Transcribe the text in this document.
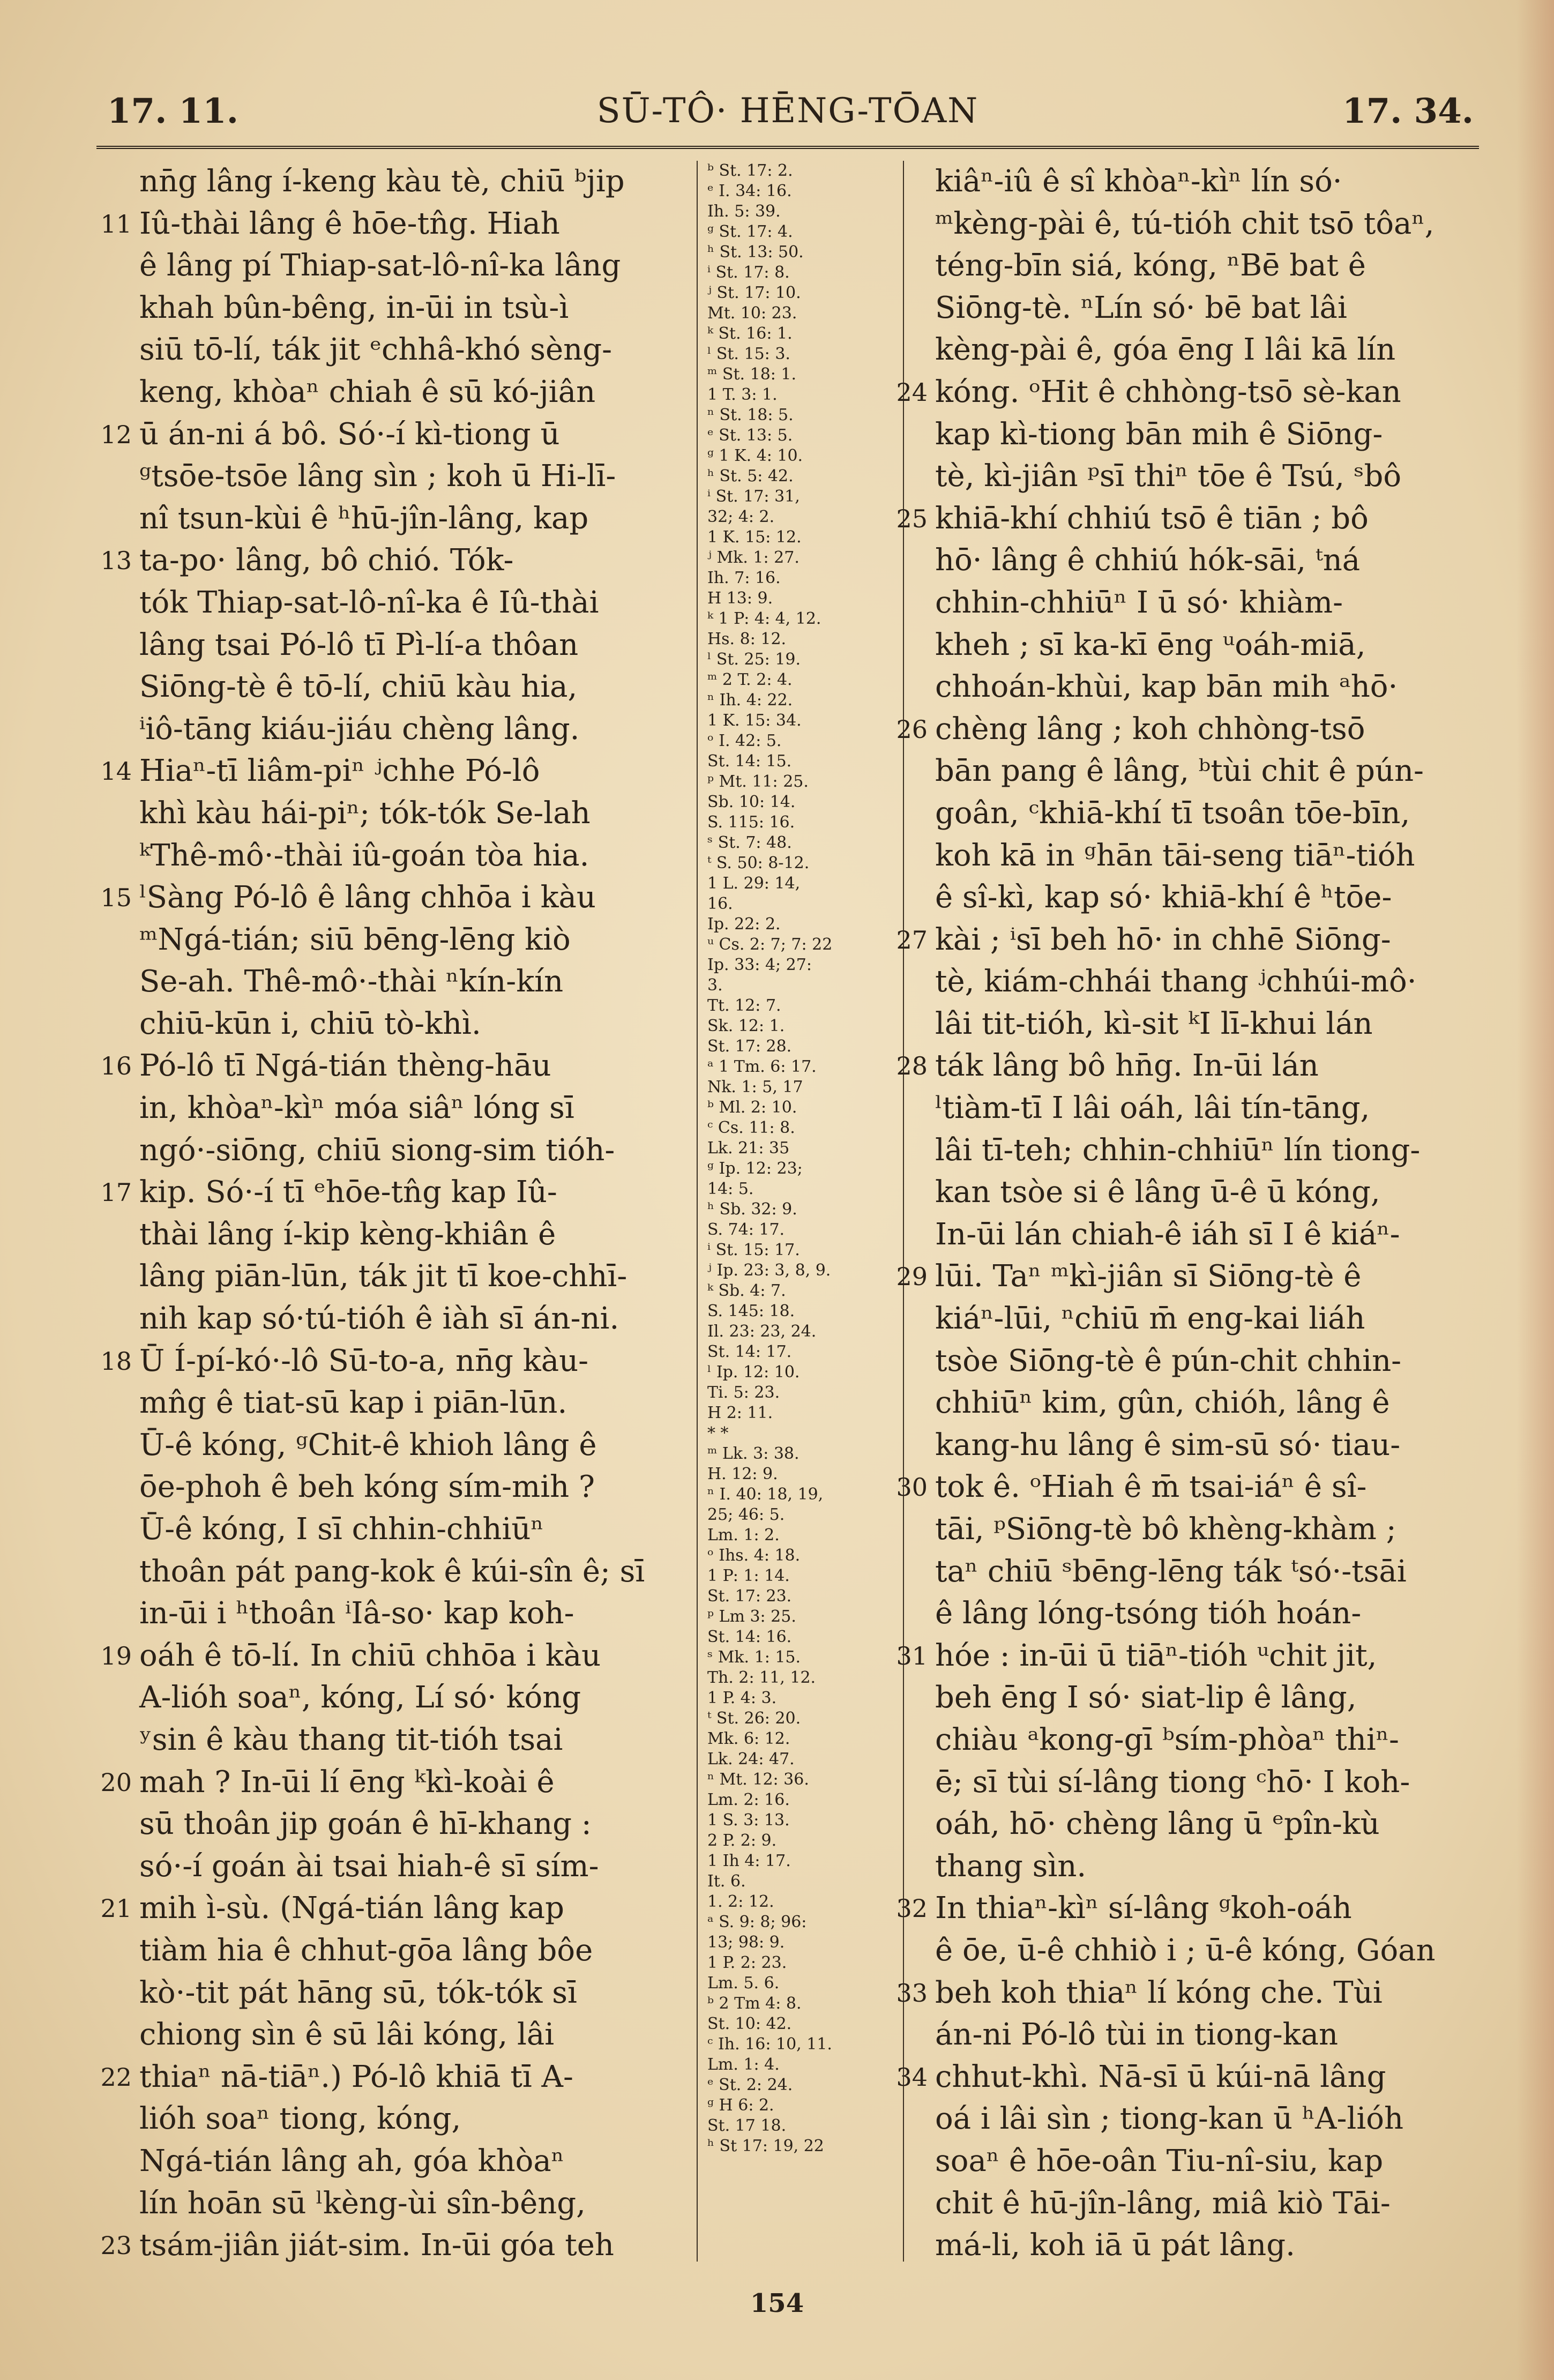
17. 11.	SŪ-TÔ· HĒNG-TŌAN	17. 34.
nn̄g lâng í-keng kàu tè, chiū ᵇjip
11 Iû-thài lâng ê hōe-tn̂g. Hiah
ê lâng pí Thiap-sat-lô-nî-ka lâng
khah bûn-bêng, in-ūi in tsù-ì
siū tō-lí, ták jit ᵉchhâ-khó sèng-
keng, khòaⁿ chiah ê sū kó-jiân
12 ū án-ni á bô. Só·-í kì-tiong ū
ᵍtsōe-tsōe lâng sìn ; koh ū Hi-lī-
nî tsun-kùi ê ʰhū-jîn-lâng, kap
13 ta-po· lâng, bô chió. Tók-
tók Thiap-sat-lô-nî-ka ê Iû-thài
lâng tsai Pó-lô tī Pì-lí-a thôan
Siōng-tè ê tō-lí, chiū kàu hia,
ⁱiô-tāng kiáu-jiáu chèng lâng.
14 Hiaⁿ-tī liâm-piⁿ ʲchhe Pó-lô
khì kàu hái-piⁿ; tók-tók Se-lah
ᵏThê-mô·-thài iû-goán tòa hia.
15 ˡSàng Pó-lô ê lâng chhōa i kàu
ᵐNgá-tián; siū bēng-lēng kiò
Se-ah. Thê-mô·-thài ⁿkín-kín
chiū-kūn i, chiū tò-khì.
16 Pó-lô tī Ngá-tián thèng-hāu
in, khòaⁿ-kìⁿ móa siâⁿ lóng sī
ngó·-siōng, chiū siong-sim tióh-
17 kip. Só·-í tī ᵉhōe-tn̂g kap Iû-
thài lâng í-kip kèng-khiân ê
lâng piān-lūn, ták jit tī koe-chhī-
nih kap só·tú-tióh ê iàh sī án-ni.
18 Ū Í-pí-kó·-lô Sū-to-a, nn̄g kàu-
mn̂g ê tiat-sū kap i piān-lūn.
Ū-ê kóng, ᵍChit-ê khioh lâng ê
ōe-phoh ê beh kóng sím-mih ?
Ū-ê kóng, I sī chhin-chhiūⁿ
thoân pát pang-kok ê kúi-sîn ê; sī
in-ūi i ʰthoân ⁱIâ-so· kap koh-
19 oáh ê tō-lí. In chiū chhōa i kàu
A-lióh soaⁿ, kóng, Lí só· kóng
ʸsin ê kàu thang tit-tióh tsai
20 mah ? In-ūi lí ēng ᵏkì-koài ê
sū thoân jip goán ê hī-khang :
só·-í goán ài tsai hiah-ê sī sím-
21 mih ì-sù. (Ngá-tián lâng kap
tiàm hia ê chhut-gōa lâng bôe
kò·-tit pát hāng sū, tók-tók sī
chiong sìn ê sū lâi kóng, lâi
22 thiaⁿ nā-tiāⁿ.) Pó-lô khiā tī A-
lióh soaⁿ tiong, kóng,
Ngá-tián lâng ah, góa khòaⁿ
lín hoān sū ˡkèng-ùi sîn-bêng,
23 tsám-jiân jiát-sim. In-ūi góa teh
ᵇ St. 17: 2.
ᵉ I. 34: 16.
Ih. 5: 39.
ᵍ St. 17: 4.
ʰ St. 13: 50.
ⁱ St. 17: 8.
ʲ St. 17: 10.
Mt. 10: 23.
ᵏ St. 16: 1.
ˡ St. 15: 3.
ᵐ St. 18: 1.
1 T. 3: 1.
ⁿ St. 18: 5.
ᵉ St. 13: 5.
ᵍ 1 K. 4: 10.
ʰ St. 5: 42.
ⁱ St. 17: 31,
32; 4: 2.
1 K. 15: 12.
ʲ Mk. 1: 27.
Ih. 7: 16.
H 13: 9.
ᵏ 1 P: 4: 4, 12.
Hs. 8: 12.
ˡ St. 25: 19.
ᵐ 2 T. 2: 4.
ⁿ Ih. 4: 22.
1 K. 15: 34.
ᵒ I. 42: 5.
St. 14: 15.
ᵖ Mt. 11: 25.
Sb. 10: 14.
S. 115: 16.
ˢ St. 7: 48.
ᵗ S. 50: 8-12.
1 L. 29: 14,
16.
Ip. 22: 2.
ᵘ Cs. 2: 7; 7: 22
Ip. 33: 4; 27:
3.
Tt. 12: 7.
Sk. 12: 1.
St. 17: 28.
ᵃ 1 Tm. 6: 17.
Nk. 1: 5, 17
ᵇ Ml. 2: 10.
ᶜ Cs. 11: 8.
Lk. 21: 35
ᵍ Ip. 12: 23;
14: 5.
ʰ Sb. 32: 9.
S. 74: 17.
ⁱ St. 15: 17.
ʲ Ip. 23: 3, 8, 9.
ᵏ Sb. 4: 7.
S. 145: 18.
Il. 23: 23, 24.
St. 14: 17.
ˡ Ip. 12: 10.
Ti. 5: 23.
H 2: 11.
* *
ᵐ Lk. 3: 38.
H. 12: 9.
ⁿ I. 40: 18, 19,
25; 46: 5.
Lm. 1: 2.
ᵒ Ihs. 4: 18.
1 P: 1: 14.
St. 17: 23.
ᵖ Lm 3: 25.
St. 14: 16.
ˢ Mk. 1: 15.
Th. 2: 11, 12.
1 P. 4: 3.
ᵗ St. 26: 20.
Mk. 6: 12.
Lk. 24: 47.
ⁿ Mt. 12: 36.
Lm. 2: 16.
1 S. 3: 13.
2 P. 2: 9.
1 Ih 4: 17.
It. 6.
1. 2: 12.
ᵃ S. 9: 8; 96:
13; 98: 9.
1 P. 2: 23.
Lm. 5. 6.
ᵇ 2 Tm 4: 8.
St. 10: 42.
ᶜ Ih. 16: 10, 11.
Lm. 1: 4.
ᵉ St. 2: 24.
ᵍ H 6: 2.
St. 17 18.
ʰ St 17: 19, 22
kiâⁿ-iû ê sî khòaⁿ-kìⁿ lín só·
ᵐkèng-pài ê, tú-tióh chit tsō tôaⁿ,
téng-bīn siá, kóng, ⁿBē bat ê
Siōng-tè. ⁿLín só· bē bat lâi
kèng-pài ê, góa ēng I lâi kā lín
24 kóng. ᵒHit ê chhòng-tsō sè-kan
kap kì-tiong bān mih ê Siōng-
tè, kì-jiân ᵖsī thiⁿ tōe ê Tsú, ˢbô
25 khiā-khí chhiú tsō ê tiān ; bô
hō· lâng ê chhiú hók-sāi, ᵗná
chhin-chhiūⁿ I ū só· khiàm-
kheh ; sī ka-kī ēng ᵘoáh-miā,
chhoán-khùi, kap bān mih ᵃhō·
26 chèng lâng ; koh chhòng-tsō
bān pang ê lâng, ᵇtùi chit ê pún-
goân, ᶜkhiā-khí tī tsoân tōe-bīn,
koh kā in ᵍhān tāi-seng tiāⁿ-tióh
ê sî-kì, kap só· khiā-khí ê ʰtōe-
27 kài ; ⁱsī beh hō· in chhē Siōng-
tè, kiám-chhái thang ʲchhúi-mô·
lâi tit-tióh, kì-sit ᵏI lī-khui lán
28 ták lâng bô hn̄g. In-ūi lán
ˡtiàm-tī I lâi oáh, lâi tín-tāng,
lâi tī-teh; chhin-chhiūⁿ lín tiong-
kan tsòe si ê lâng ū-ê ū kóng,
In-ūi lán chiah-ê iáh sī I ê kiáⁿ-
29 lūi. Taⁿ ᵐkì-jiân sī Siōng-tè ê
kiáⁿ-lūi, ⁿchiū m̄ eng-kai liáh
tsòe Siōng-tè ê pún-chit chhin-
chhiūⁿ kim, gûn, chióh, lâng ê
kang-hu lâng ê sim-sū só· tiau-
30 tok ê. ᵒHiah ê m̄ tsai-iáⁿ ê sî-
tāi, ᵖSiōng-tè bô khèng-khàm ;
taⁿ chiū ˢbēng-lēng ták ᵗsó·-tsāi
ê lâng lóng-tsóng tióh hoán-
31 hóe : in-ūi ū tiāⁿ-tióh ᵘchit jit,
beh ēng I só· siat-lip ê lâng,
chiàu ᵃkong-gī ᵇsím-phòaⁿ thiⁿ-
ē; sī tùi sí-lâng tiong ᶜhō· I koh-
oáh, hō· chèng lâng ū ᵉpîn-kù
thang sìn.
32 In thiaⁿ-kìⁿ sí-lâng ᵍkoh-oáh
ê ōe, ū-ê chhiò i ; ū-ê kóng, Góan
33 beh koh thiaⁿ lí kóng che. Tùi
án-ni Pó-lô tùi in tiong-kan
34 chhut-khì. Nā-sī ū kúi-nā lâng
oá i lâi sìn ; tiong-kan ū ʰA-lióh
soaⁿ ê hōe-oân Tiu-nî-siu, kap
chit ê hū-jîn-lâng, miâ kiò Tāi-
má-li, koh iā ū pát lâng.
154
